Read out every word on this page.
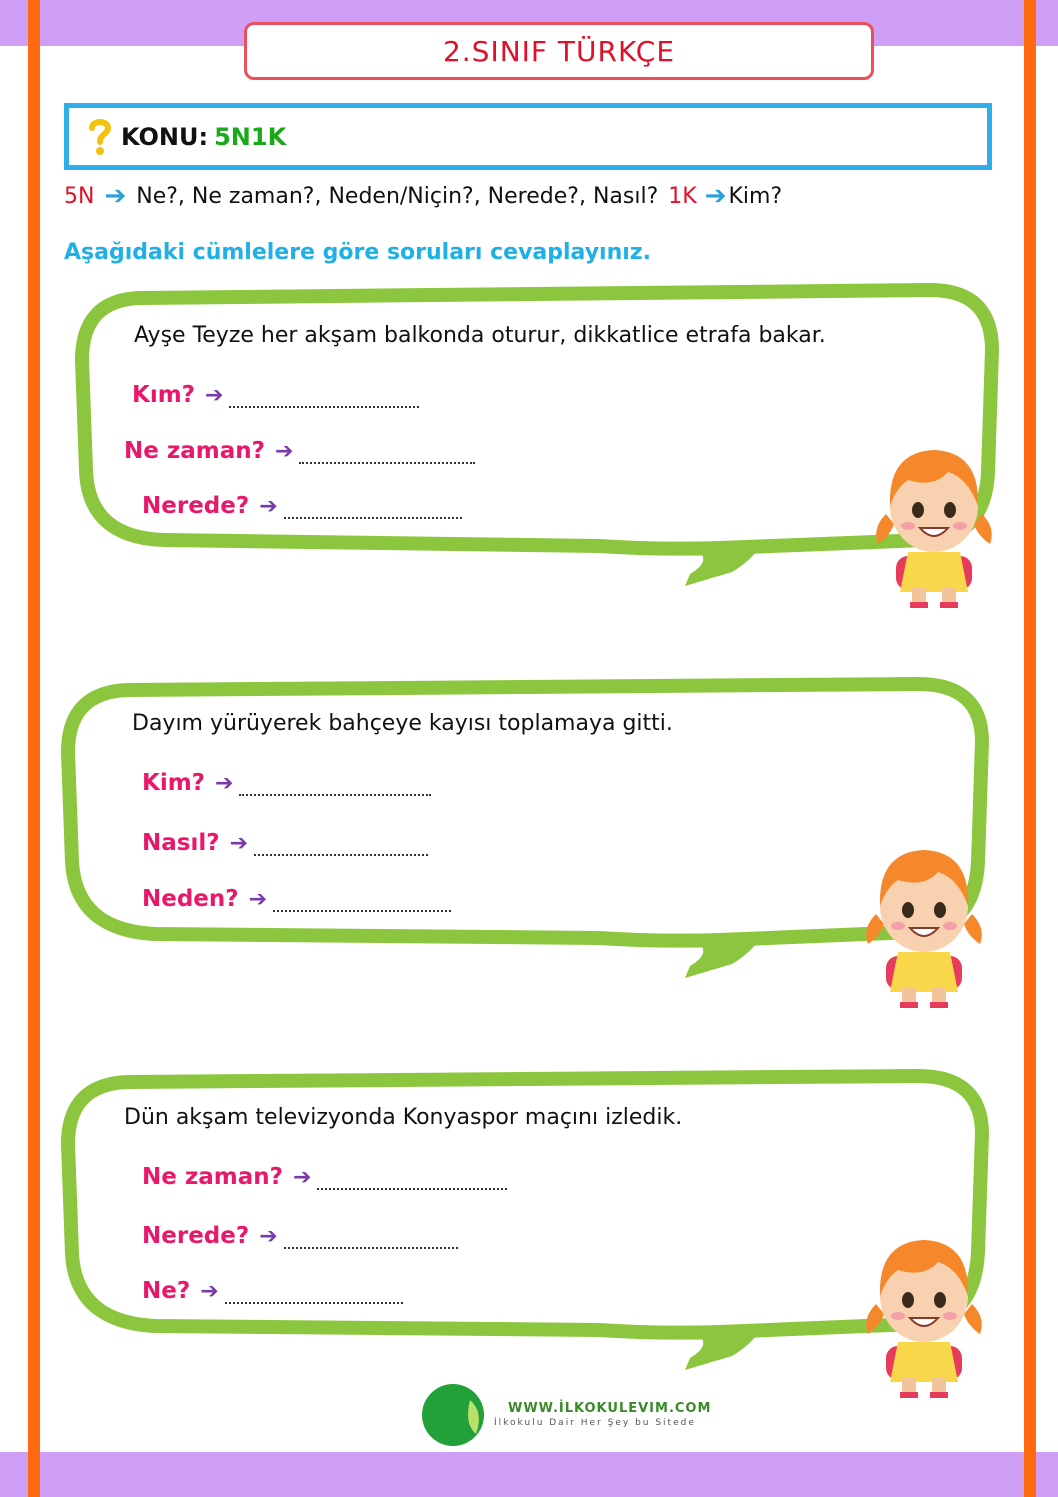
2.SINIF TÜRKÇE
KONU: 5N1K
5N ➔ Ne?, Ne zaman?, Neden/Niçin?, Nerede?, Nasıl? 1K ➔ Kim?
Aşağıdaki cümlelere göre soruları cevaplayınız.
Ayşe Teyze her akşam balkonda oturur, dikkatlice etrafa bakar.
Kım? ➔
Ne zaman? ➔
Nerede? ➔
Dayım yürüyerek bahçeye kayısı toplamaya gitti.
Kim? ➔
Nasıl? ➔
Neden? ➔
Dün akşam televizyonda Konyaspor maçını izledik.
Ne zaman? ➔
Nerede? ➔
Ne? ➔
WWW.İLKOKULEVIM.COM
İlkokulu Dair Her Şey bu Sitede
